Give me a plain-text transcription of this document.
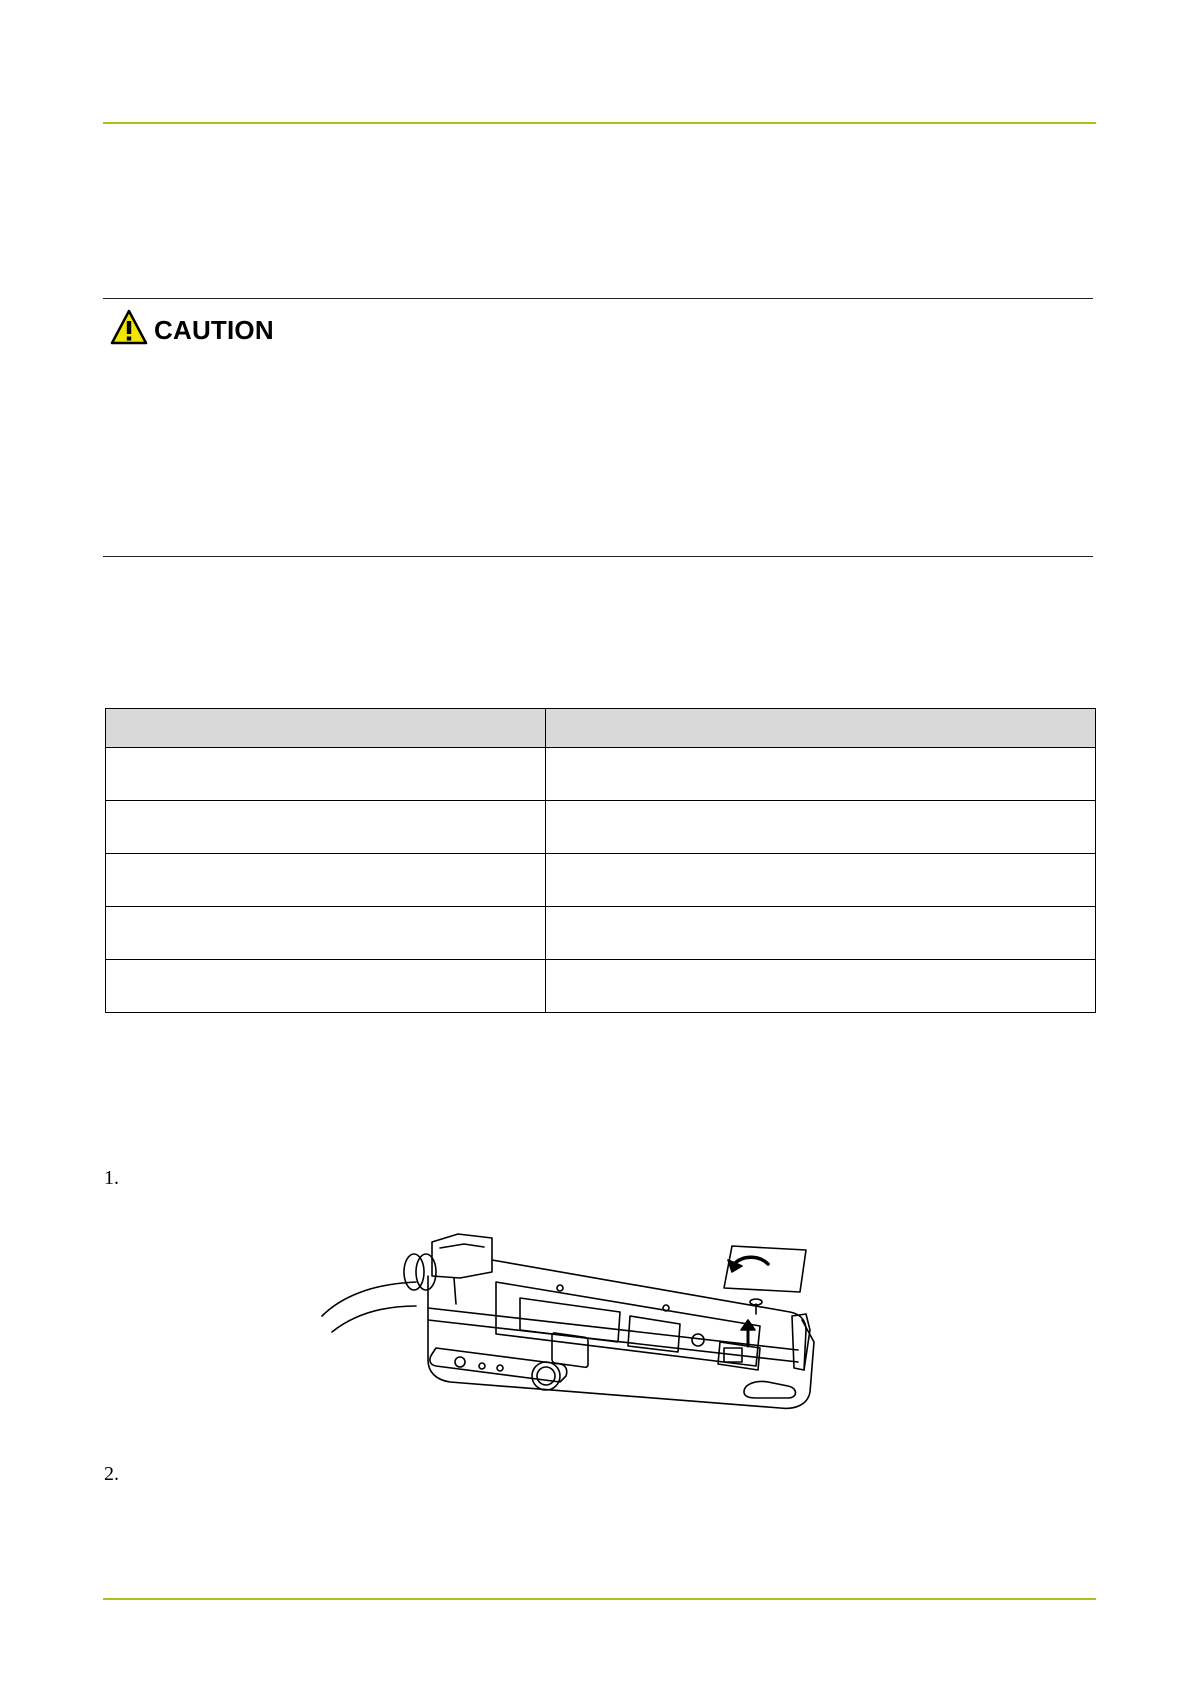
CAUTION

1.
2.
